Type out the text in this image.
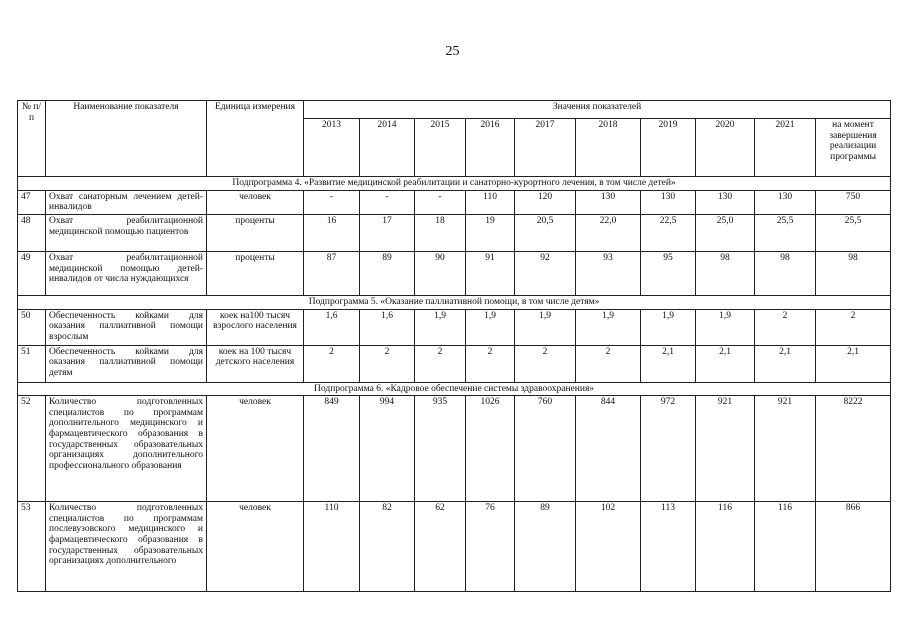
25
№ п/п	Наименование показателя	Единица измерения	Значения показателей									
			2013	2014	2015	2016	2017	2018	2019	2020	2021	на момент завершения реализации программы
Подпрограмма 4. «Развитие медицинской реабилитации и санаторно-курортного лечения, в том числе детей»												
47	Охват санаторным лечением детей-инвалидов	человек	-	-	-	110	120	130	130	130	130	750
48	Охват реабилитационной медицинской помощью пациентов	проценты	16	17	18	19	20,5	22,0	22,5	25,0	25,5	25,5
49	Охват реабилитационной медицинской помощью детей-инвалидов от числа нуждающихся	проценты	87	89	90	91	92	93	95	98	98	98
Подпрограмма 5. «Оказание паллиативной помощи, в том числе детям»												
50	Обеспеченность койками для оказания паллиативной помощи взрослым	коек на100 тысяч взрослого населения	1,6	1,6	1,9	1,9	1,9	1,9	1,9	1,9	2	2
51	Обеспеченность койками для оказания паллиативной помощи детям	коек на 100 тысяч детского населения	2	2	2	2	2	2	2,1	2,1	2,1	2,1
Подпрограмма 6. «Кадровое обеспечение системы здравоохранения»												
52	Количество подготовленных специалистов по программам дополнительного медицинского и фармацевтического образования в государственных образовательных организациях дополнительного профессионального образования	человек	849	994	935	1026	760	844	972	921	921	8222
53	Количество подготовленных специалистов по программам послевузовского медицинского и фармацевтического образования в государственных образовательных организациях дополнительного	человек	110	82	62	76	89	102	113	116	116	866
